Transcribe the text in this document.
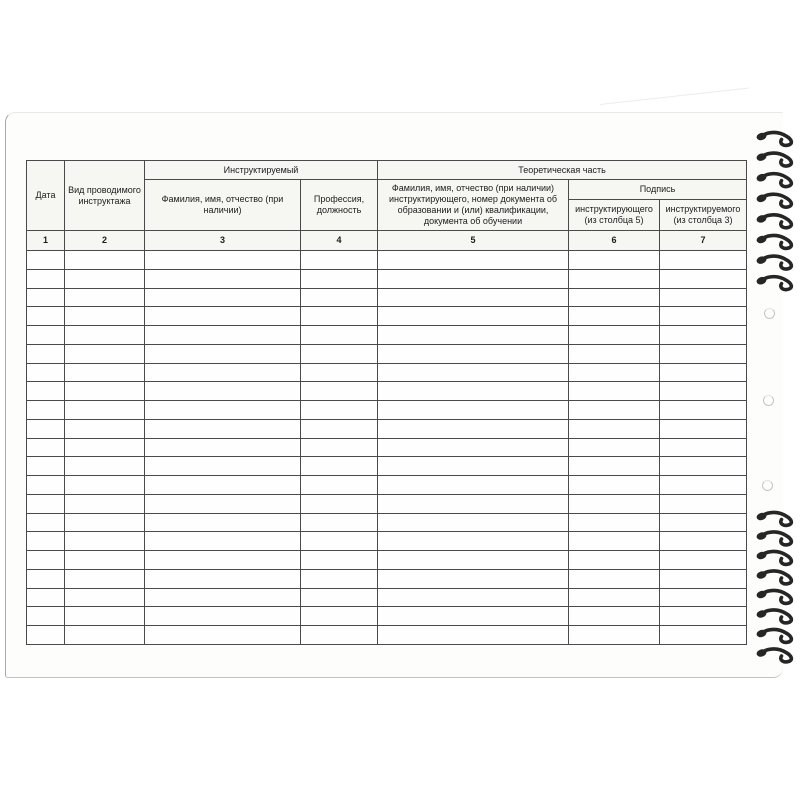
Дата	Вид проводимого инструктажа	Инструктируемый		Теоретическая часть		
		Фамилия, имя, отчество (при наличии)	Профессия, должность	Фамилия, имя, отчество (при наличии) инструктирующего, номер документа об образовании и (или) квалификации, документа об обучении	Подпись	
					инструктирующего (из столбца 5)	инструктируемого (из столбца 3)
1	2	3	4	5	6	7
